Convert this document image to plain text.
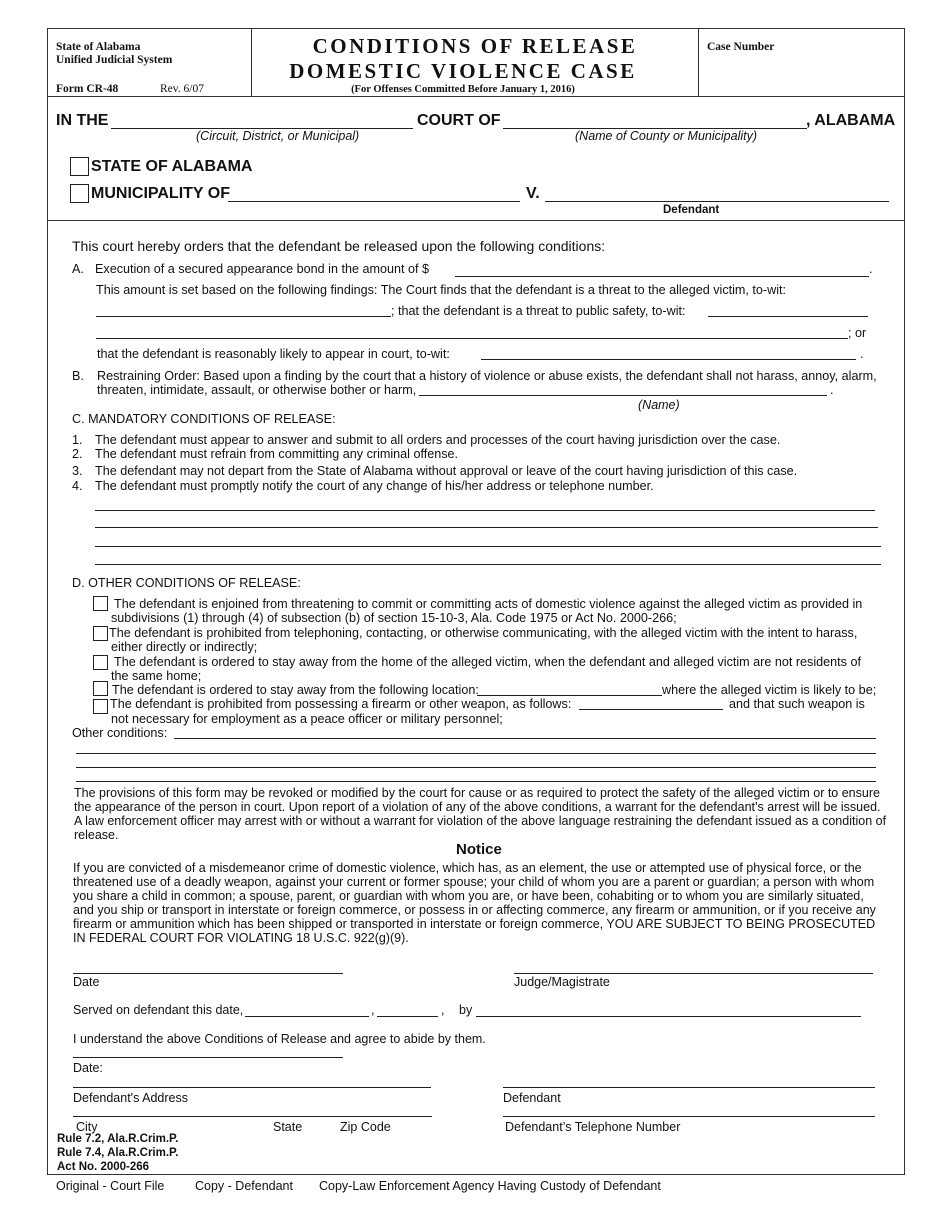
State of Alabama
Unified Judicial System
Form CR-48	Rev. 6/07
CONDITIONS OF RELEASE
DOMESTIC VIOLENCE CASE
(For Offenses Committed Before January 1, 2016)
Case Number
IN THE	COURT OF	, ALABAMA
(Circuit, District, or Municipal)	(Name of County or Municipality)
STATE OF ALABAMA
MUNICIPALITY OF	V.
Defendant
This court hereby orders that the defendant be released upon the following conditions:
A. Execution of a secured appearance bond in the amount of $	.
This amount is set based on the following findings: The Court finds that the defendant is a threat to the alleged victim, to-wit:
; that the defendant is a threat to public safety, to-wit:
; or
that the defendant is reasonably likely to appear in court, to-wit:	.
B. Restraining Order: Based upon a finding by the court that a history of violence or abuse exists, the defendant shall not harass, annoy, alarm,
threaten, intimidate, assault, or otherwise bother or harm,	.
(Name)
C. MANDATORY CONDITIONS OF RELEASE:
1. The defendant must appear to answer and submit to all orders and processes of the court having jurisdiction over the case.
2. The defendant must refrain from committing any criminal offense.
3. The defendant may not depart from the State of Alabama without approval or leave of the court having jurisdiction of this case.
4. The defendant must promptly notify the court of any change of his/her address or telephone number.
D. OTHER CONDITIONS OF RELEASE:
The defendant is enjoined from threatening to commit or committing acts of domestic violence against the alleged victim as provided in
subdivisions (1) through (4) of subsection (b) of section 15-10-3, Ala. Code 1975 or Act No. 2000-266;
The defendant is prohibited from telephoning, contacting, or otherwise communicating, with the alleged victim with the intent to harass,
either directly or indirectly;
The defendant is ordered to stay away from the home of the alleged victim, when the defendant and alleged victim are not residents of
the same home;
The defendant is ordered to stay away from the following location:	where the alleged victim is likely to be;
The defendant is prohibited from possessing a firearm or other weapon, as follows:	and that such weapon is
not necessary for employment as a peace officer or military personnel;
Other conditions:
The provisions of this form may be revoked or modified by the court for cause or as required to protect the safety of the alleged victim or to ensure the appearance of the person in court. Upon report of a violation of any of the above conditions, a warrant for the defendant’s arrest will be issued. A law enforcement officer may arrest with or without a warrant for violation of the above language restraining the defendant issued as a condition of release.
Notice
If you are convicted of a misdemeanor crime of domestic violence, which has, as an element, the use or attempted use of physical force, or the threatened use of a deadly weapon, against your current or former spouse; your child of whom you are a parent or guardian; a person with whom you share a child in common; a spouse, parent, or guardian with whom you are, or have been, cohabiting or to whom you are similarly situated, and you ship or transport in interstate or foreign commerce, or possess in or affecting commerce, any firearm or ammunition, or if you receive any firearm or ammunition which has been shipped or transported in interstate or foreign commerce, YOU ARE SUBJECT TO BEING PROSECUTED IN FEDERAL COURT FOR VIOLATING 18 U.S.C. 922(g)(9).
Date	Judge/Magistrate
Served on defendant this date,	,	, by
I understand the above Conditions of Release and agree to abide by them.
Date:
Defendant's Address	Defendant
City	State	Zip Code	Defendant’s Telephone Number
Rule 7.2, Ala.R.Crim.P.
Rule 7.4, Ala.R.Crim.P.
Act No. 2000-266
Original - Court File Copy - Defendant Copy-Law Enforcement Agency Having Custody of Defendant
